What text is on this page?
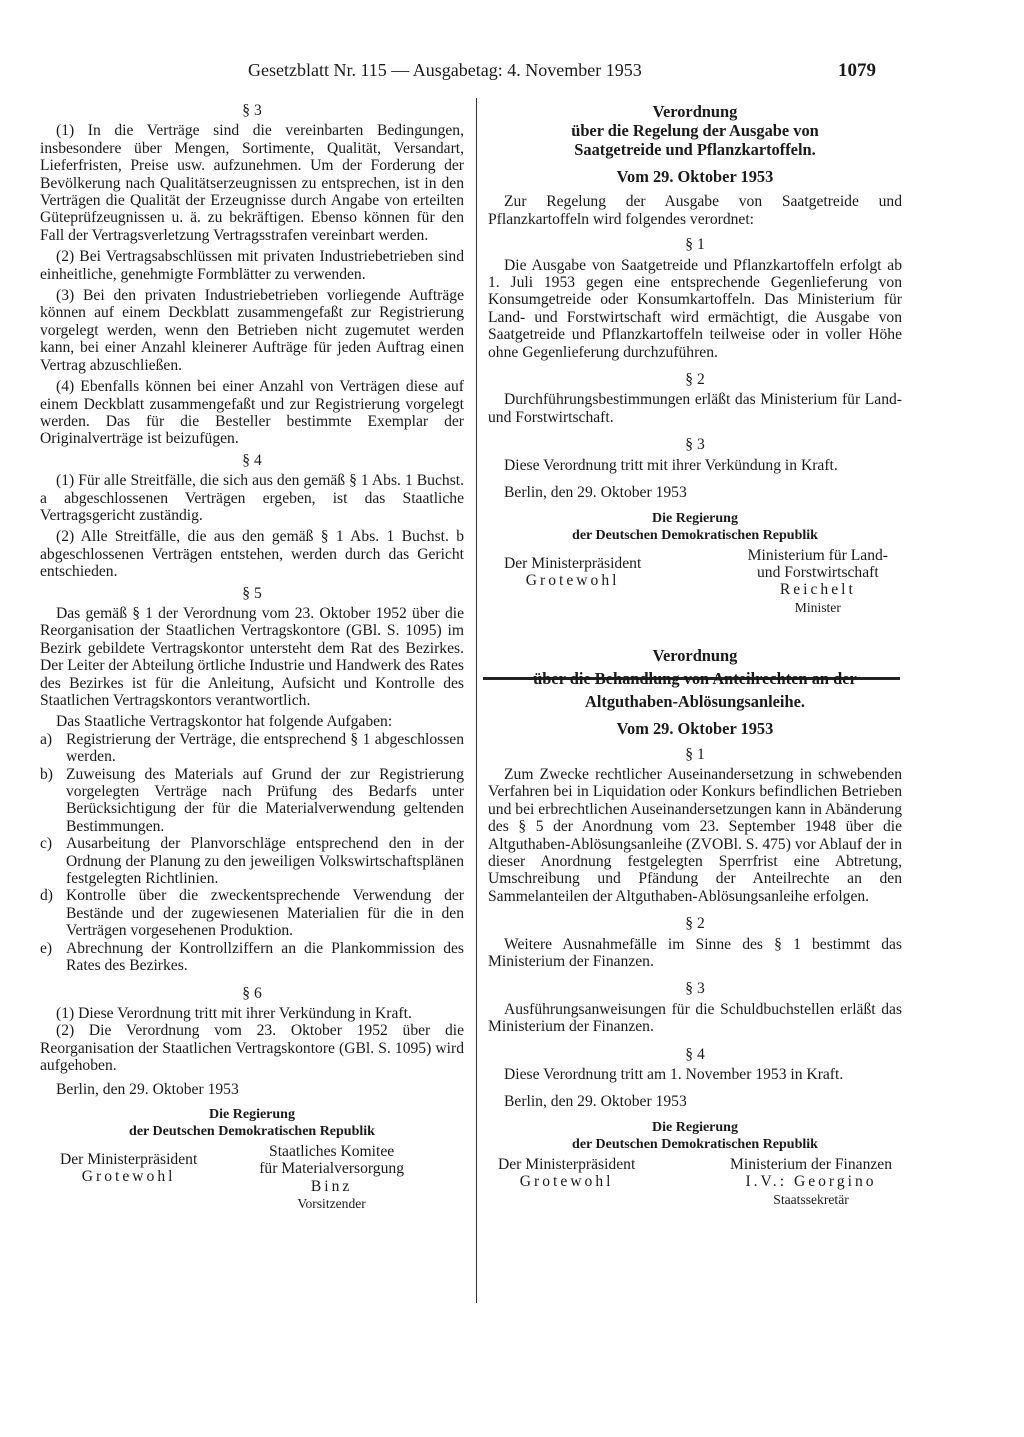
Gesetzblatt Nr. 115 — Ausgabetag: 4. November 1953	1079

§ 3

(1) In die Verträge sind die vereinbarten Bedingungen, insbesondere über Mengen, Sortimente, Qualität, Versandart, Lieferfristen, Preise usw. aufzunehmen. Um der Forderung der Bevölkerung nach Qualitätserzeugnissen zu entsprechen, ist in den Verträgen die Qualität der Erzeugnisse durch Angabe von erteilten Güteprüfzeugnissen u. ä. zu bekräftigen. Ebenso können für den Fall der Vertragsverletzung Vertragsstrafen vereinbart werden.

(2) Bei Vertragsabschlüssen mit privaten Industriebetrieben sind einheitliche, genehmigte Formblätter zu verwenden.

(3) Bei den privaten Industriebetrieben vorliegende Aufträge können auf einem Deckblatt zusammengefaßt zur Registrierung vorgelegt werden, wenn den Betrieben nicht zugemutet werden kann, bei einer Anzahl kleinerer Aufträge für jeden Auftrag einen Vertrag abzuschließen.

(4) Ebenfalls können bei einer Anzahl von Verträgen diese auf einem Deckblatt zusammengefaßt und zur Registrierung vorgelegt werden. Das für die Besteller bestimmte Exemplar der Originalverträge ist beizufügen.

§ 4

(1) Für alle Streitfälle, die sich aus den gemäß § 1 Abs. 1 Buchst. a abgeschlossenen Verträgen ergeben, ist das Staatliche Vertragsgericht zuständig.

(2) Alle Streitfälle, die aus den gemäß § 1 Abs. 1 Buchst. b abgeschlossenen Verträgen entstehen, werden durch das Gericht entschieden.

§ 5

Das gemäß § 1 der Verordnung vom 23. Oktober 1952 über die Reorganisation der Staatlichen Vertragskontore (GBl. S. 1095) im Bezirk gebildete Vertragskontor untersteht dem Rat des Bezirkes. Der Leiter der Abteilung örtliche Industrie und Handwerk des Rates des Bezirkes ist für die Anleitung, Aufsicht und Kontrolle des Staatlichen Vertragskontors verantwortlich.

Das Staatliche Vertragskontor hat folgende Aufgaben:

a) Registrierung der Verträge, die entsprechend § 1 abgeschlossen werden.
b) Zuweisung des Materials auf Grund der zur Registrierung vorgelegten Verträge nach Prüfung des Bedarfs unter Berücksichtigung der für die Materialverwendung geltenden Bestimmungen.
c) Ausarbeitung der Planvorschläge entsprechend den in der Ordnung der Planung zu den jeweiligen Volkswirtschaftsplänen festgelegten Richtlinien.
d) Kontrolle über die zweckentsprechende Verwendung der Bestände und der zugewiesenen Materialien für die in den Verträgen vorgesehenen Produktion.
e) Abrechnung der Kontrollziffern an die Plankommission des Rates des Bezirkes.

§ 6

(1) Diese Verordnung tritt mit ihrer Verkündung in Kraft.

(2) Die Verordnung vom 23. Oktober 1952 über die Reorganisation der Staatlichen Vertragskontore (GBl. S. 1095) wird aufgehoben.

Berlin, den 29. Oktober 1953

Die Regierung

der Deutschen Demokratischen Republik

Der Ministerpräsident
Grotewohl
Staatliches Komitee
für Materialversorgung
Binz
Vorsitzender

Verordnung

über die Regelung der Ausgabe von

Saatgetreide und Pflanzkartoffeln.

Vom 29. Oktober 1953

Zur Regelung der Ausgabe von Saatgetreide und Pflanzkartoffeln wird folgendes verordnet:

§ 1

Die Ausgabe von Saatgetreide und Pflanzkartoffeln erfolgt ab 1. Juli 1953 gegen eine entsprechende Gegenlieferung von Konsumgetreide oder Konsumkartoffeln. Das Ministerium für Land- und Forstwirtschaft wird ermächtigt, die Ausgabe von Saatgetreide und Pflanzkartoffeln teilweise oder in voller Höhe ohne Gegenlieferung durchzuführen.

§ 2

Durchführungsbestimmungen erläßt das Ministerium für Land- und Forstwirtschaft.

§ 3

Diese Verordnung tritt mit ihrer Verkündung in Kraft.

Berlin, den 29. Oktober 1953

Die Regierung

der Deutschen Demokratischen Republik

Der Ministerpräsident
Grotewohl
Ministerium für Land-
und Forstwirtschaft
Reichelt
Minister

Verordnung

über die Behandlung von Anteilrechten an der

Altguthaben-Ablösungsanleihe.

Vom 29. Oktober 1953

§ 1

Zum Zwecke rechtlicher Auseinandersetzung in schwebenden Verfahren bei in Liquidation oder Konkurs befindlichen Betrieben und bei erbrechtlichen Auseinandersetzungen kann in Abänderung des § 5 der Anordnung vom 23. September 1948 über die Altguthaben-Ablösungsanleihe (ZVOBl. S. 475) vor Ablauf der in dieser Anordnung festgelegten Sperrfrist eine Abtretung, Umschreibung und Pfändung der Anteilrechte an den Sammelanteilen der Altguthaben-Ablösungsanleihe erfolgen.

§ 2

Weitere Ausnahmefälle im Sinne des § 1 bestimmt das Ministerium der Finanzen.

§ 3

Ausführungsanweisungen für die Schuldbuchstellen erläßt das Ministerium der Finanzen.

§ 4

Diese Verordnung tritt am 1. November 1953 in Kraft.

Berlin, den 29. Oktober 1953

Die Regierung

der Deutschen Demokratischen Republik

Der Ministerpräsident
Grotewohl
Ministerium der Finanzen
I.V.: Georgino
Staatssekretär
